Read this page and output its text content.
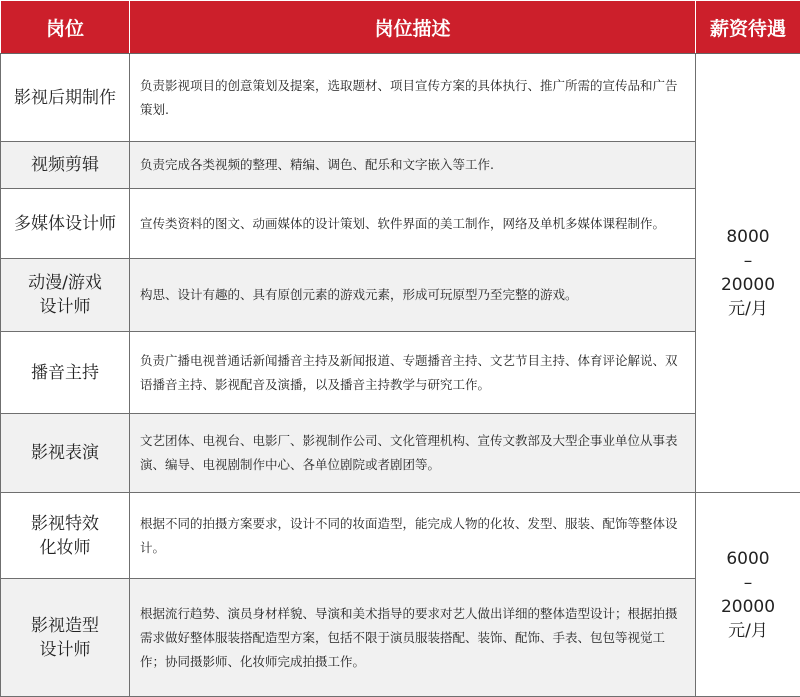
岗位	岗位描述	薪资待遇

影视后期制作	负责影视项目的创意策划及提案，选取题材、项目宣传方案的具体执行、推广所需的宣传品和广告策划.	8000
–
20000
元/月

视频剪辑	负责完成各类视频的整理、精编、调色、配乐和文字嵌入等工作.	

多媒体设计师	宣传类资料的图文、动画媒体的设计策划、软件界面的美工制作，网络及单机多媒体课程制作。	

动漫/游戏
设计师	构思、设计有趣的、具有原创元素的游戏元素，形成可玩原型乃至完整的游戏。	

播音主持	负责广播电视普通话新闻播音主持及新闻报道、专题播音主持、文艺节目主持、体育评论解说、双语播音主持、影视配音及演播，以及播音主持教学与研究工作。	

影视表演	文艺团体、电视台、电影厂、影视制作公司、文化管理机构、宣传文教部及大型企事业单位从事表演、编导、电视剧制作中心、各单位剧院或者剧团等。	

影视特效
化妆师	根据不同的拍摄方案要求，设计不同的妆面造型，能完成人物的化妆、发型、服装、配饰等整体设计。	6000
–
20000
元/月

影视造型
设计师	根据流行趋势、演员身材样貌、导演和美术指导的要求对艺人做出详细的整体造型设计；根据拍摄需求做好整体服装搭配造型方案，包括不限于演员服装搭配、装饰、配饰、手表、包包等视觉工作；协同摄影师、化妆师完成拍摄工作。	
